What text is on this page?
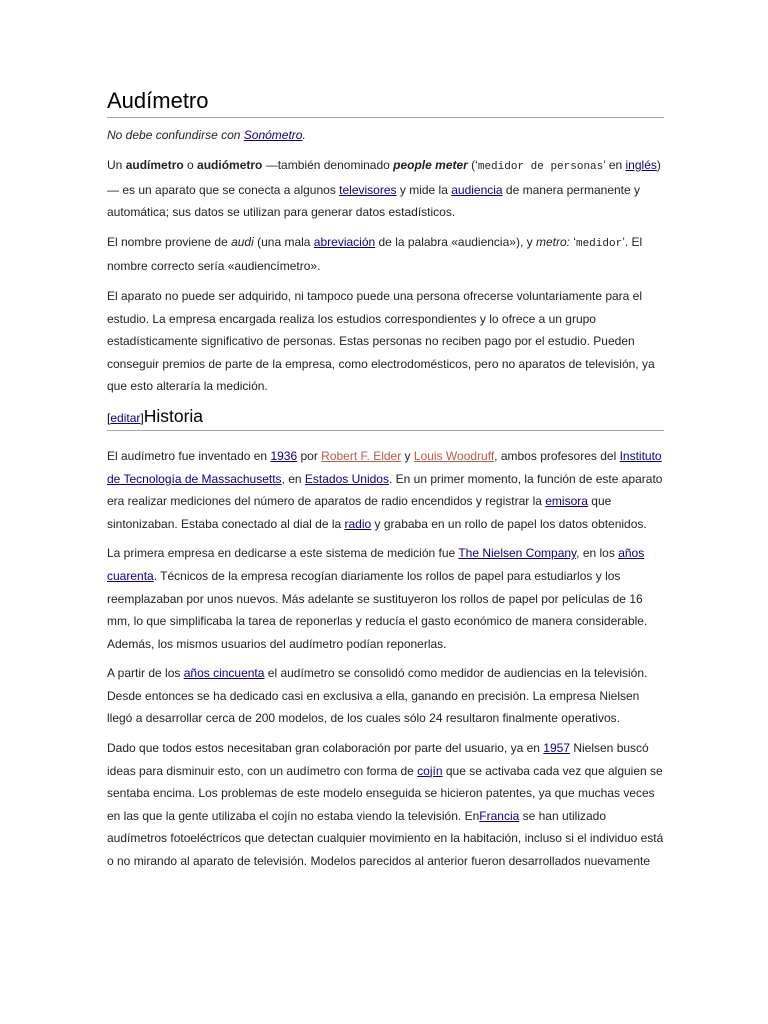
Audímetro
No debe confundirse con Sonómetro.

Un audímetro o audiómetro —también denominado people meter (‘medidor de personas’ en inglés)— es un aparato que se conecta a algunos televisores y mide la audiencia de manera permanente y automática; sus datos se utilizan para generar datos estadísticos.

El nombre proviene de audi (una mala abreviación de la palabra «audiencia»), y metro: ‘medidor’. El nombre correcto sería «audiencímetro».

El aparato no puede ser adquirido, ni tampoco puede una persona ofrecerse voluntariamente para el estudio. La empresa encargada realiza los estudios correspondientes y lo ofrece a un grupo estadísticamente significativo de personas. Estas personas no reciben pago por el estudio. Pueden conseguir premios de parte de la empresa, como electrodomésticos, pero no aparatos de televisión, ya que esto alteraría la medición.

[editar]Historia

El audímetro fue inventado en 1936 por Robert F. Elder y Louis Woodruff, ambos profesores del Instituto de Tecnología de Massachusetts, en Estados Unidos. En un primer momento, la función de este aparato era realizar mediciones del número de aparatos de radio encendidos y registrar la emisora que sintonizaban. Estaba conectado al dial de la radio y grababa en un rollo de papel los datos obtenidos.

La primera empresa en dedicarse a este sistema de medición fue The Nielsen Company, en los años cuarenta. Técnicos de la empresa recogían diariamente los rollos de papel para estudiarlos y los reemplazaban por unos nuevos. Más adelante se sustituyeron los rollos de papel por películas de 16 mm, lo que simplificaba la tarea de reponerlas y reducía el gasto económico de manera considerable. Además, los mismos usuarios del audímetro podían reponerlas.

A partir de los años cincuenta el audímetro se consolidó como medidor de audiencias en la televisión. Desde entonces se ha dedicado casi en exclusiva a ella, ganando en precisión. La empresa Nielsen llegó a desarrollar cerca de 200 modelos, de los cuales sólo 24 resultaron finalmente operativos.

Dado que todos estos necesitaban gran colaboración por parte del usuario, ya en 1957 Nielsen buscó ideas para disminuir esto, con un audímetro con forma de cojín que se activaba cada vez que alguien se sentaba encima. Los problemas de este modelo enseguida se hicieron patentes, ya que muchas veces en las que la gente utilizaba el cojín no estaba viendo la televisión. EnFrancia se han utilizado audímetros fotoeléctricos que detectan cualquier movimiento en la habitación, incluso si el individuo está o no mirando al aparato de televisión. Modelos parecidos al anterior fueron desarrollados nuevamente
